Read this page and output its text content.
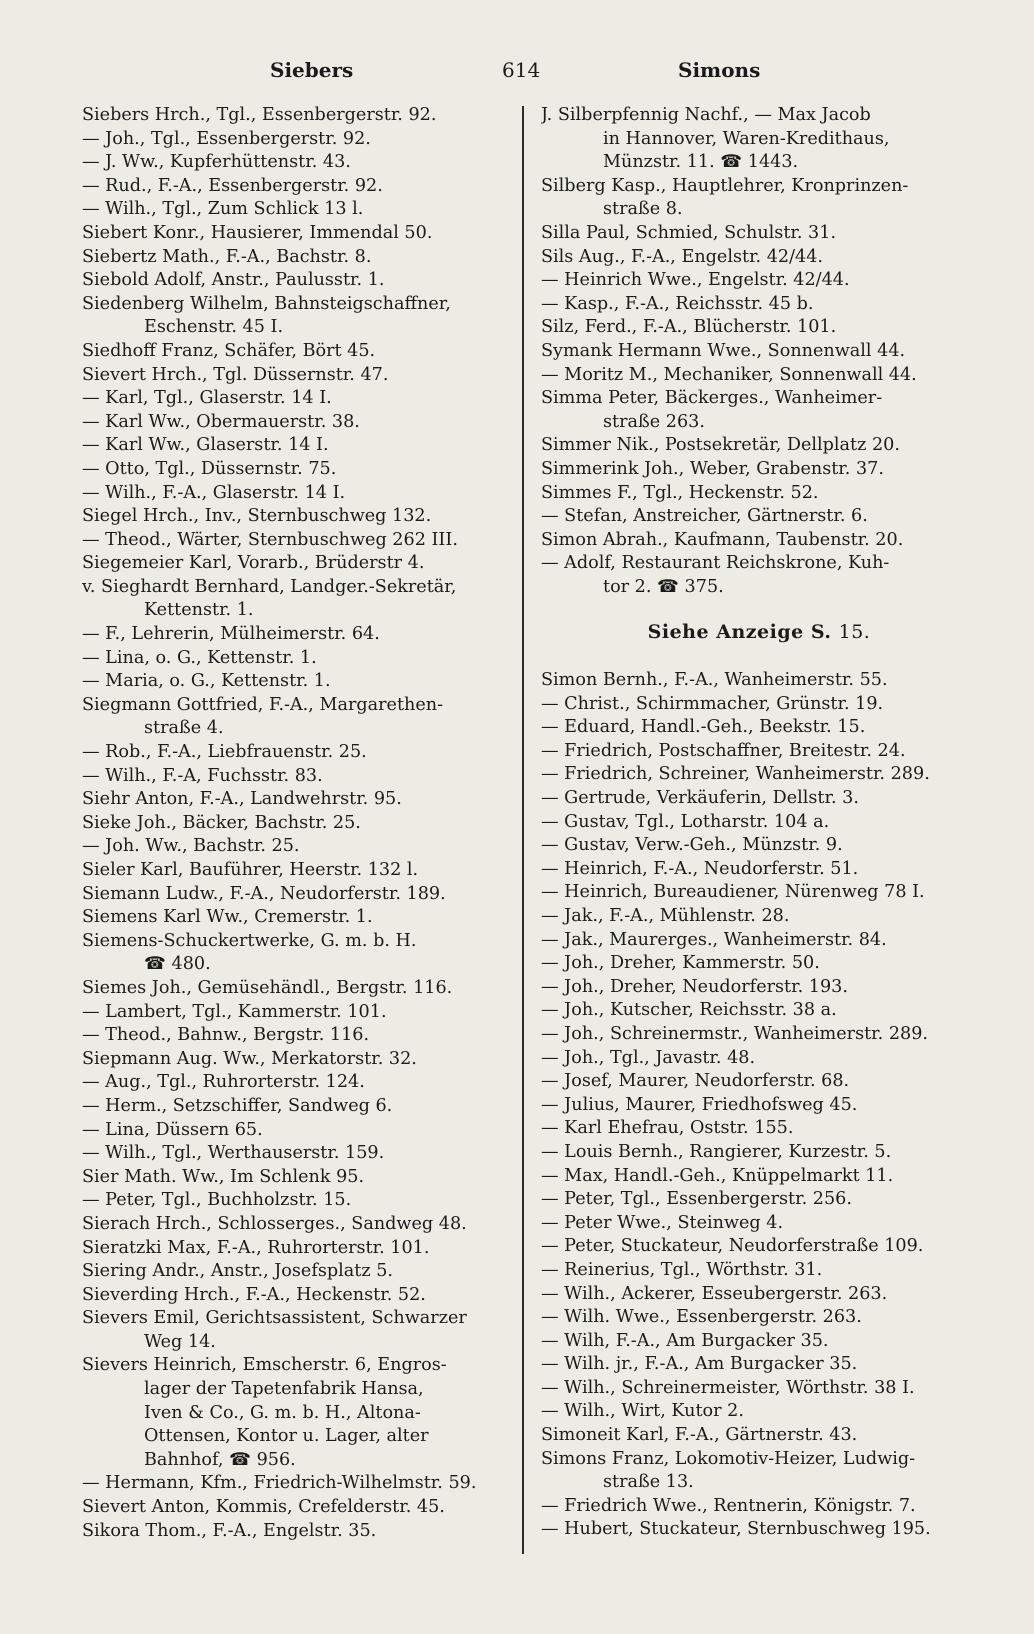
Siebers	614	Simons
Siebers Hrch., Tgl., Essenbergerstr. 92.
— Joh., Tgl., Essenbergerstr. 92.
— J. Ww., Kupferhüttenstr. 43.
— Rud., F.-A., Essenbergerstr. 92.
— Wilh., Tgl., Zum Schlick 13 l.
Siebert Konr., Hausierer, Immendal 50.
Siebertz Math., F.-A., Bachstr. 8.
Siebold Adolf, Anstr., Paulusstr. 1.
Siedenberg Wilhelm, Bahnsteigschaffner,
Eschenstr. 45 I.
Siedhoff Franz, Schäfer, Bört 45.
Sievert Hrch., Tgl. Düssernstr. 47.
— Karl, Tgl., Glaserstr. 14 I.
— Karl Ww., Obermauerstr. 38.
— Karl Ww., Glaserstr. 14 I.
— Otto, Tgl., Düssernstr. 75.
— Wilh., F.-A., Glaserstr. 14 I.
Siegel Hrch., Inv., Sternbuschweg 132.
— Theod., Wärter, Sternbuschweg 262 III.
Siegemeier Karl, Vorarb., Brüderstr 4.
v. Sieghardt Bernhard, Landger.-Sekretär,
Kettenstr. 1.
— F., Lehrerin, Mülheimerstr. 64.
— Lina, o. G., Kettenstr. 1.
— Maria, o. G., Kettenstr. 1.
Siegmann Gottfried, F.-A., Margarethen-
straße 4.
— Rob., F.-A., Liebfrauenstr. 25.
— Wilh., F.-A, Fuchsstr. 83.
Siehr Anton, F.-A., Landwehrstr. 95.
Sieke Joh., Bäcker, Bachstr. 25.
— Joh. Ww., Bachstr. 25.
Sieler Karl, Bauführer, Heerstr. 132 l.
Siemann Ludw., F.-A., Neudorferstr. 189.
Siemens Karl Ww., Cremerstr. 1.
Siemens-Schuckertwerke, G. m. b. H.
☎ 480.
Siemes Joh., Gemüsehändl., Bergstr. 116.
— Lambert, Tgl., Kammerstr. 101.
— Theod., Bahnw., Bergstr. 116.
Siepmann Aug. Ww., Merkatorstr. 32.
— Aug., Tgl., Ruhrorterstr. 124.
— Herm., Setzschiffer, Sandweg 6.
— Lina, Düssern 65.
— Wilh., Tgl., Werthauserstr. 159.
Sier Math. Ww., Im Schlenk 95.
— Peter, Tgl., Buchholzstr. 15.
Sierach Hrch., Schlosserges., Sandweg 48.
Sieratzki Max, F.-A., Ruhrorterstr. 101.
Siering Andr., Anstr., Josefsplatz 5.
Sieverding Hrch., F.-A., Heckenstr. 52.
Sievers Emil, Gerichtsassistent, Schwarzer
Weg 14.
Sievers Heinrich, Emscherstr. 6, Engros-
lager der Tapetenfabrik Hansa,
Iven & Co., G. m. b. H., Altona-
Ottensen, Kontor u. Lager, alter
Bahnhof, ☎ 956.
— Hermann, Kfm., Friedrich-Wilhelmstr. 59.
Sievert Anton, Kommis, Crefelderstr. 45.
Sikora Thom., F.-A., Engelstr. 35.
J. Silberpfennig Nachf., — Max Jacob
in Hannover, Waren-Kredithaus,
Münzstr. 11. ☎ 1443.
Silberg Kasp., Hauptlehrer, Kronprinzen-
straße 8.
Silla Paul, Schmied, Schulstr. 31.
Sils Aug., F.-A., Engelstr. 42/44.
— Heinrich Wwe., Engelstr. 42/44.
— Kasp., F.-A., Reichsstr. 45 b.
Silz, Ferd., F.-A., Blücherstr. 101.
Symank Hermann Wwe., Sonnenwall 44.
— Moritz M., Mechaniker, Sonnenwall 44.
Simma Peter, Bäckerges., Wanheimer-
straße 263.
Simmer Nik., Postsekretär, Dellplatz 20.
Simmerink Joh., Weber, Grabenstr. 37.
Simmes F., Tgl., Heckenstr. 52.
— Stefan, Anstreicher, Gärtnerstr. 6.
Simon Abrah., Kaufmann, Taubenstr. 20.
— Adolf, Restaurant Reichskrone, Kuh-
tor 2. ☎ 375.
Siehe Anzeige S. 15.
Simon Bernh., F.-A., Wanheimerstr. 55.
— Christ., Schirmmacher, Grünstr. 19.
— Eduard, Handl.-Geh., Beekstr. 15.
— Friedrich, Postschaffner, Breitestr. 24.
— Friedrich, Schreiner, Wanheimerstr. 289.
— Gertrude, Verkäuferin, Dellstr. 3.
— Gustav, Tgl., Lotharstr. 104 a.
— Gustav, Verw.-Geh., Münzstr. 9.
— Heinrich, F.-A., Neudorferstr. 51.
— Heinrich, Bureaudiener, Nürenweg 78 I.
— Jak., F.-A., Mühlenstr. 28.
— Jak., Maurerges., Wanheimerstr. 84.
— Joh., Dreher, Kammerstr. 50.
— Joh., Dreher, Neudorferstr. 193.
— Joh., Kutscher, Reichsstr. 38 a.
— Joh., Schreinermstr., Wanheimerstr. 289.
— Joh., Tgl., Javastr. 48.
— Josef, Maurer, Neudorferstr. 68.
— Julius, Maurer, Friedhofsweg 45.
— Karl Ehefrau, Oststr. 155.
— Louis Bernh., Rangierer, Kurzestr. 5.
— Max, Handl.-Geh., Knüppelmarkt 11.
— Peter, Tgl., Essenbergerstr. 256.
— Peter Wwe., Steinweg 4.
— Peter, Stuckateur, Neudorferstraße 109.
— Reinerius, Tgl., Wörthstr. 31.
— Wilh., Ackerer, Esseubergerstr. 263.
— Wilh. Wwe., Essenbergerstr. 263.
— Wilh, F.-A., Am Burgacker 35.
— Wilh. jr., F.-A., Am Burgacker 35.
— Wilh., Schreinermeister, Wörthstr. 38 I.
— Wilh., Wirt, Kutor 2.
Simoneit Karl, F.-A., Gärtnerstr. 43.
Simons Franz, Lokomotiv-Heizer, Ludwig-
straße 13.
— Friedrich Wwe., Rentnerin, Königstr. 7.
— Hubert, Stuckateur, Sternbuschweg 195.
